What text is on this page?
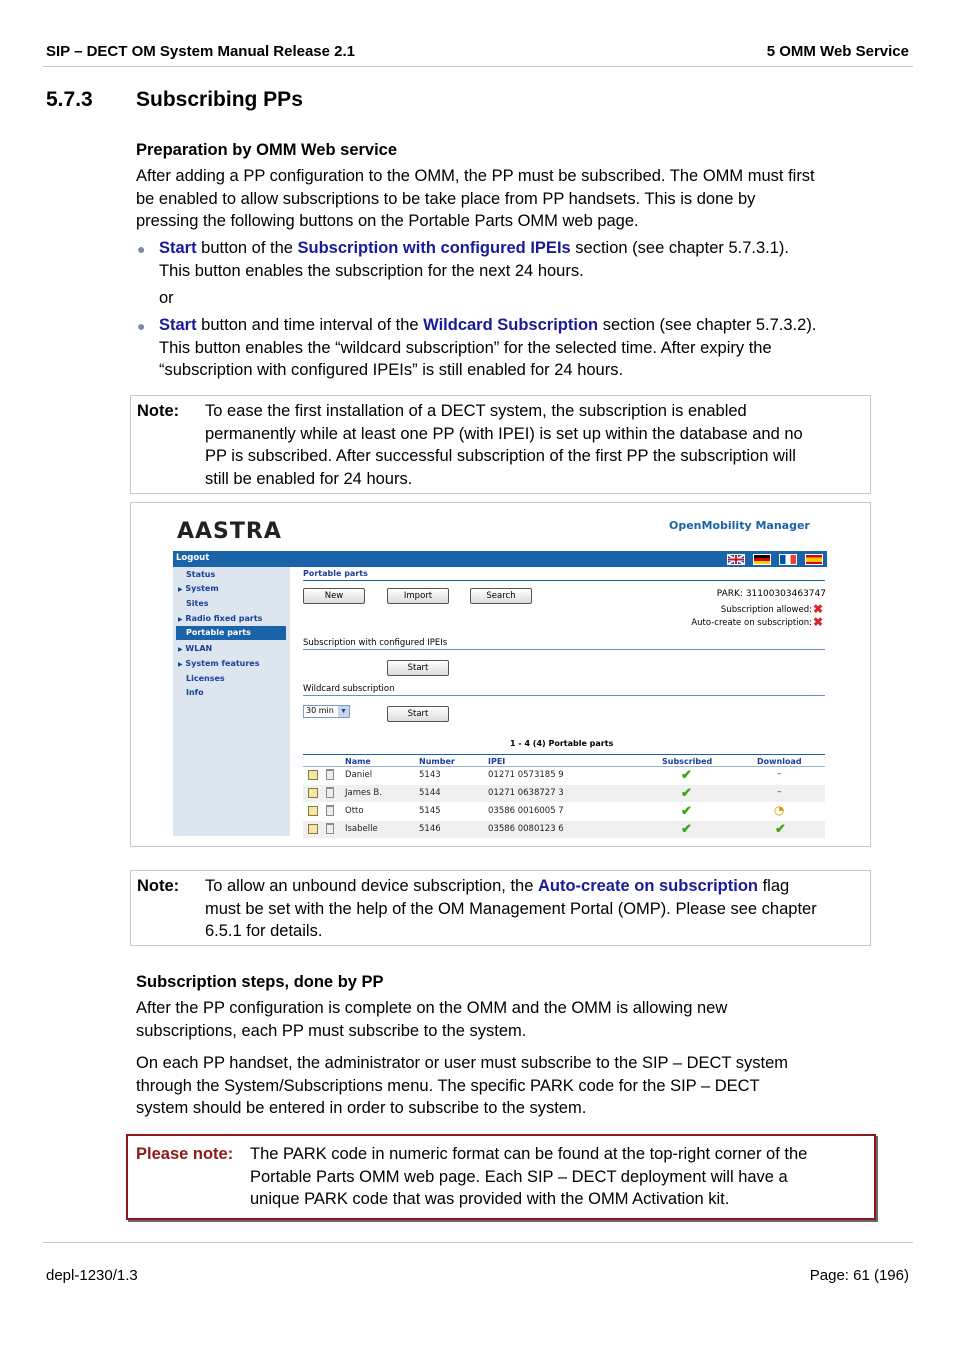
SIP – DECT OM System Manual Release 2.1	5 OMM Web Service
5.7.3 Subscribing PPs
Preparation by OMM Web service
After adding a PP configuration to the OMM, the PP must be subscribed. The OMM must first
be enabled to allow subscriptions to be take place from PP handsets. This is done by
pressing the following buttons on the Portable Parts OMM web page.
● Start button of the Subscription with configured IPEIs section (see chapter 5.7.3.1).
This button enables the subscription for the next 24 hours.
or
● Start button and time interval of the Wildcard Subscription section (see chapter 5.7.3.2).
This button enables the “wildcard subscription” for the selected time. After expiry the
“subscription with configured IPEIs” is still enabled for 24 hours.
Note: To ease the first installation of a DECT system, the subscription is enabled
permanently while at least one PP (with IPEI) is set up within the database and no
PP is subscribed. After successful subscription of the first PP the subscription will
still be enabled for 24 hours.
AASTRA	OpenMobility Manager
Logout
Status
▶ System
Sites
▶ Radio fixed parts
Portable parts
▶ WLAN
▶ System features
Licenses
Info
Portable parts
New	Import	Search	PARK: 31100303463747
Subscription allowed: ✖
Auto-create on subscription: ✖
Subscription with configured IPEIs
Start
Wildcard subscription
30 min ▼	Start
1 - 4 (4) Portable parts
Name	Number	IPEI	Subscribed	Download
Daniel	5143	01271 0573185 9	✔	–
James B.	5144	01271 0638727 3	✔	–
Otto	5145	03586 0016005 7	✔	◔
Isabelle	5146	03586 0080123 6	✔	✔
Note: To allow an unbound device subscription, the Auto-create on subscription flag
must be set with the help of the OM Management Portal (OMP). Please see chapter
6.5.1 for details.
Subscription steps, done by PP
After the PP configuration is complete on the OMM and the OMM is allowing new
subscriptions, each PP must subscribe to the system.
On each PP handset, the administrator or user must subscribe to the SIP – DECT system
through the System/Subscriptions menu. The specific PARK code for the SIP – DECT
system should be entered in order to subscribe to the system.
Please note: The PARK code in numeric format can be found at the top-right corner of the
Portable Parts OMM web page. Each SIP – DECT deployment will have a
unique PARK code that was provided with the OMM Activation kit.
depl-1230/1.3	Page: 61 (196)
